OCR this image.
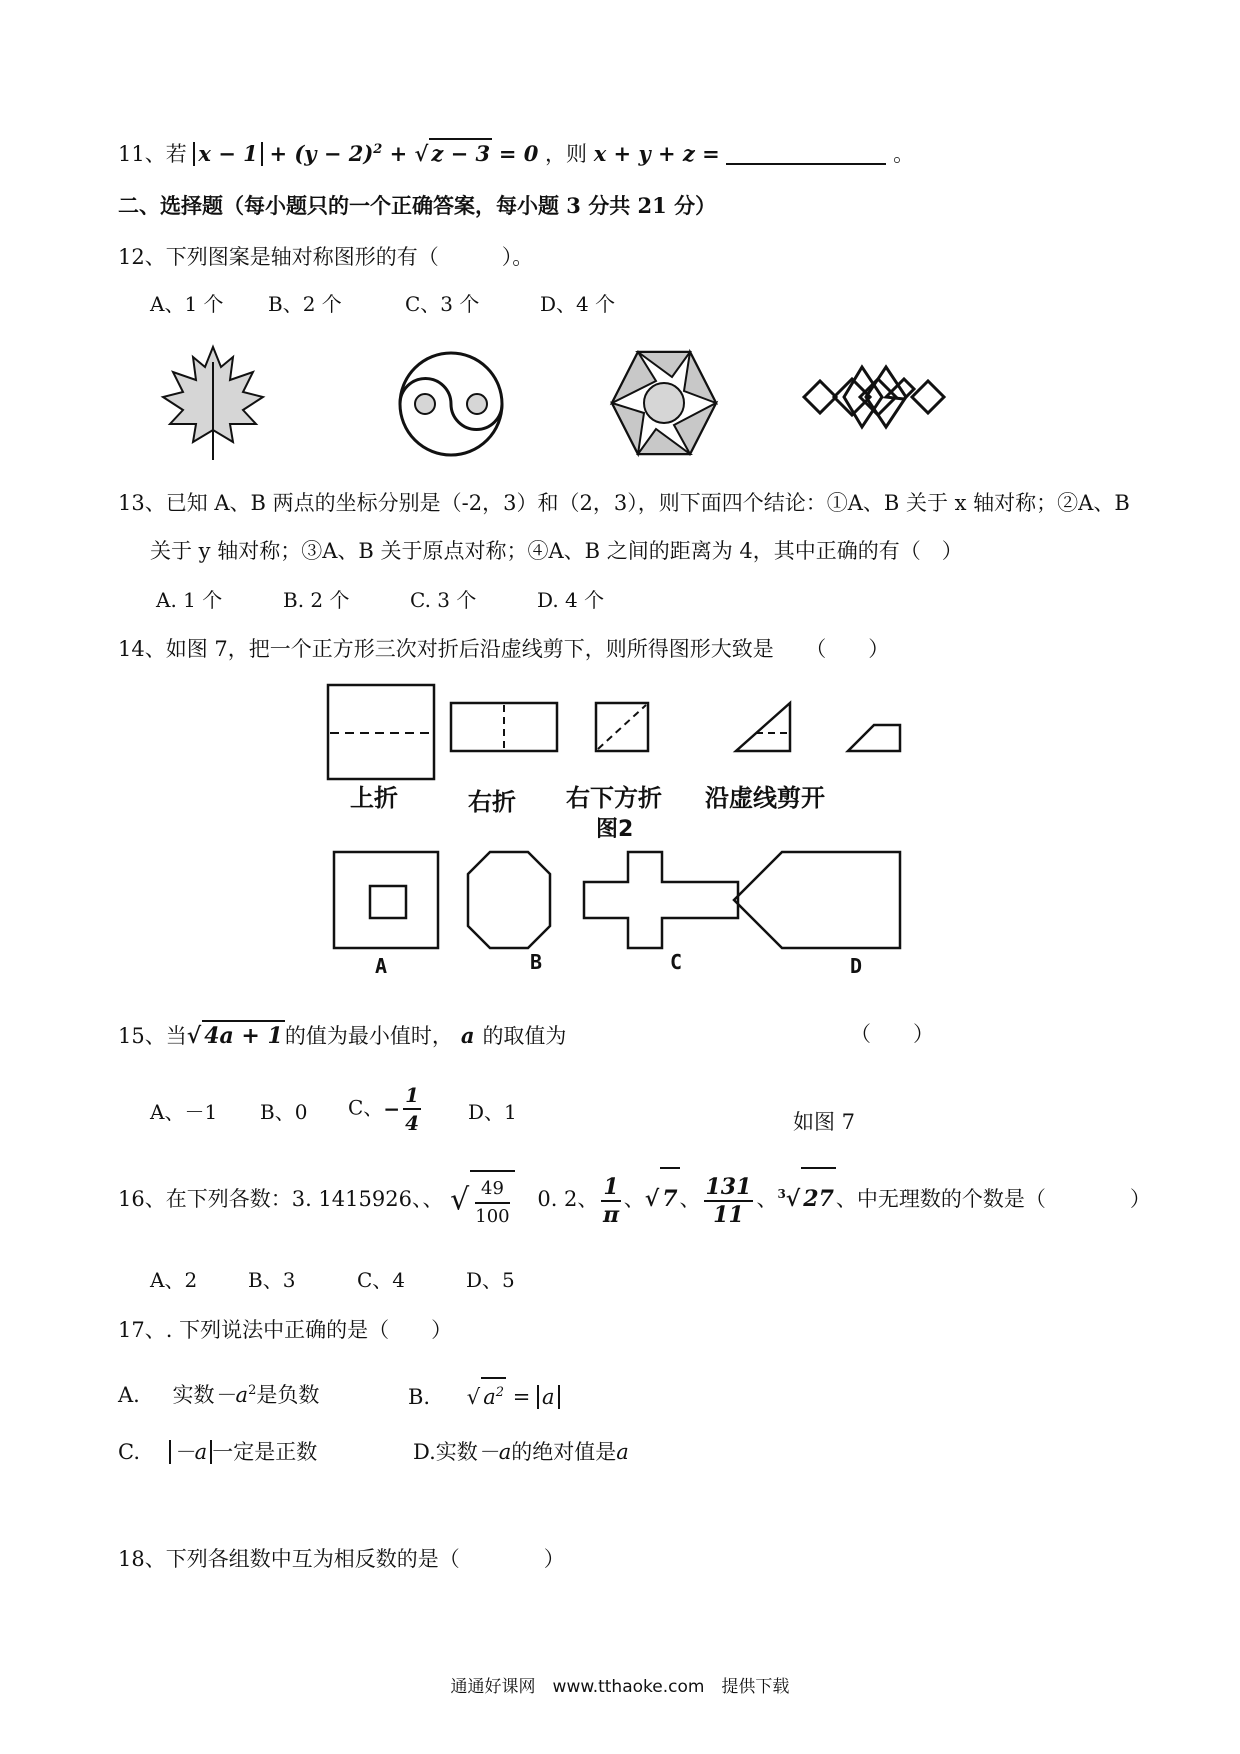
11、若 $x - 1 + (y - 2)^2$ + √ z − 3 = 0 ，则 x + y + z =	。
二、选择题（每小题只的一个正确答案，每小题 3 分共 21 分）
12、下列图案是轴对称图形的有（　　　）。
A、1 个 B、2 个	C、3 个	D、4 个
13、已知 A、B 两点的坐标分别是（-2，3）和（2，3），则下面四个结论：①A、B 关于 x 轴对称；②A、B
关于 y 轴对称；③A、B 关于原点对称；④A、B 之间的距离为 4，其中正确的有（　）
A. 1 个	B. 2 个	C. 3 个	D. 4 个
14、如图 7，把一个正方形三次对折后沿虚线剪下，则所得图形大致是　　（　　）
上折	右折 右下方折 沿虚线剪开
图2
A	B	C	D
15、当√ 4a + 1的值为最小值时， a 的取值为	（　　）
A、－1 B、0 C、− $\frac{1}{4}$ D、1	如图 7
16、在下列各数：3. 1415926、、 √ $\frac{49}{100} 0$. 2、 $\frac{1}{\pi}$ 、√ 7、 $\frac{131}{11}$ 、$^3$√ 27、中无理数的个数是（　　　　）
A、2	B、3	C、4	D、5
17、. 下列说法中正确的是（　　）
A. 实数$-a^2$是负数	B. √ $a^2 = a$
C. －a 一定是正数	D.实数－a的绝对值是a
18、下列各组数中互为相反数的是（　　　　）
通通好课网　www.tthaoke.com　提供下载
